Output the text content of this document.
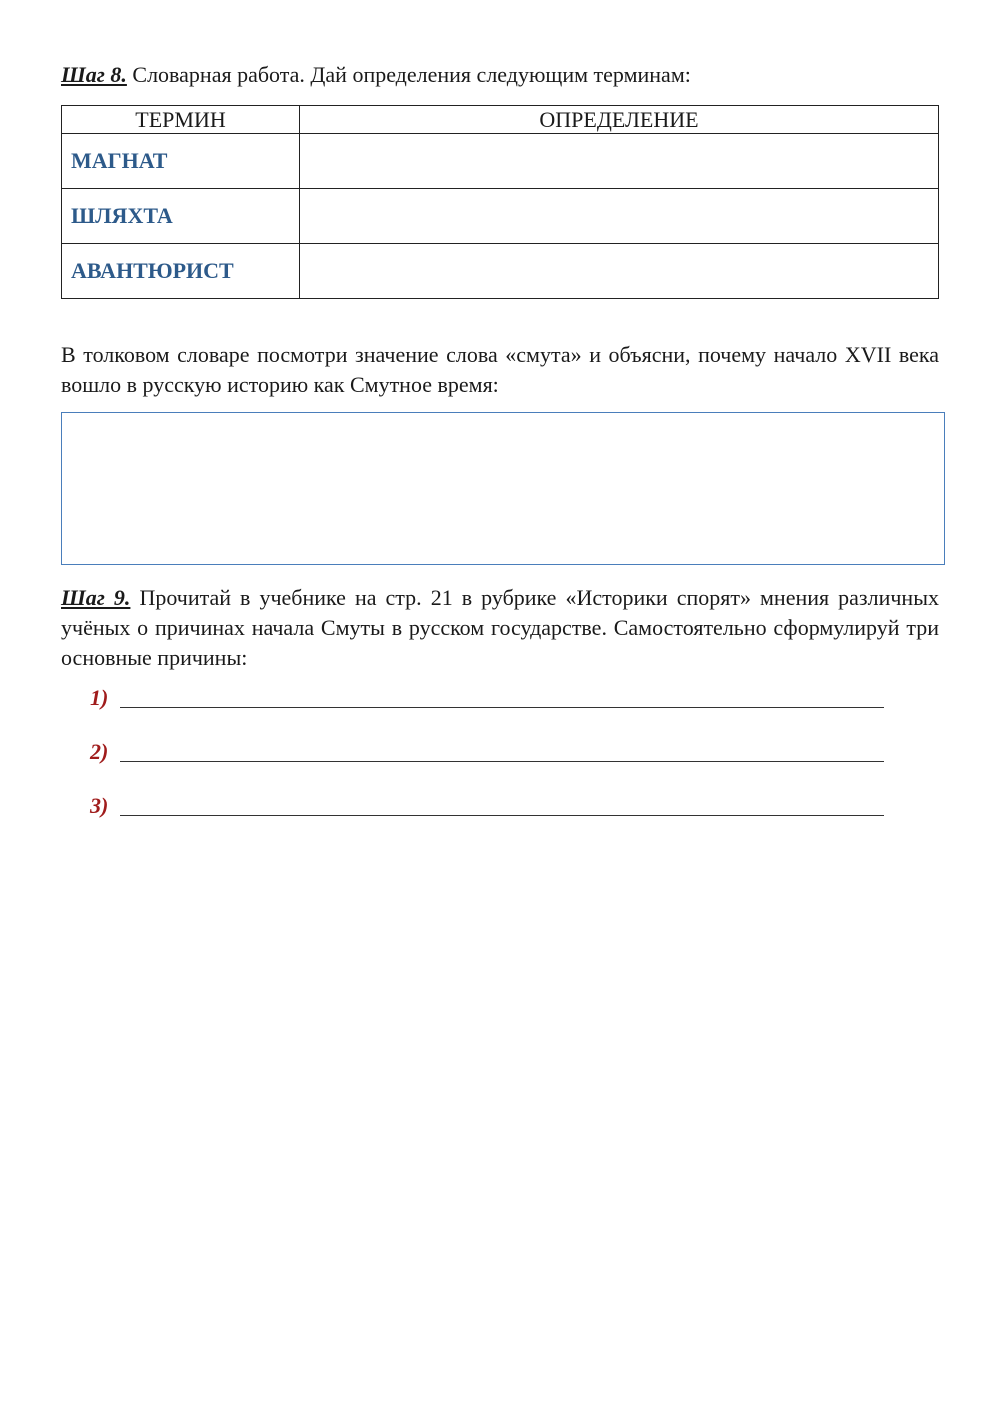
Шаг 8. Словарная работа. Дай определения следующим терминам:
ТЕРМИН	ОПРЕДЕЛЕНИЕ
МАГНАТ	
ШЛЯХТА	
АВАНТЮРИСТ	
В толковом словаре посмотри значение слова «смута» и объясни, почему начало XVII века вошло в русскую историю как Смутное время:
Шаг 9. Прочитай в учебнике на стр. 21 в рубрике «Историки спорят» мнения различных учёных о причинах начала Смуты в русском государстве. Самостоятельно сформулируй три основные причины:
1)
2)
3)
